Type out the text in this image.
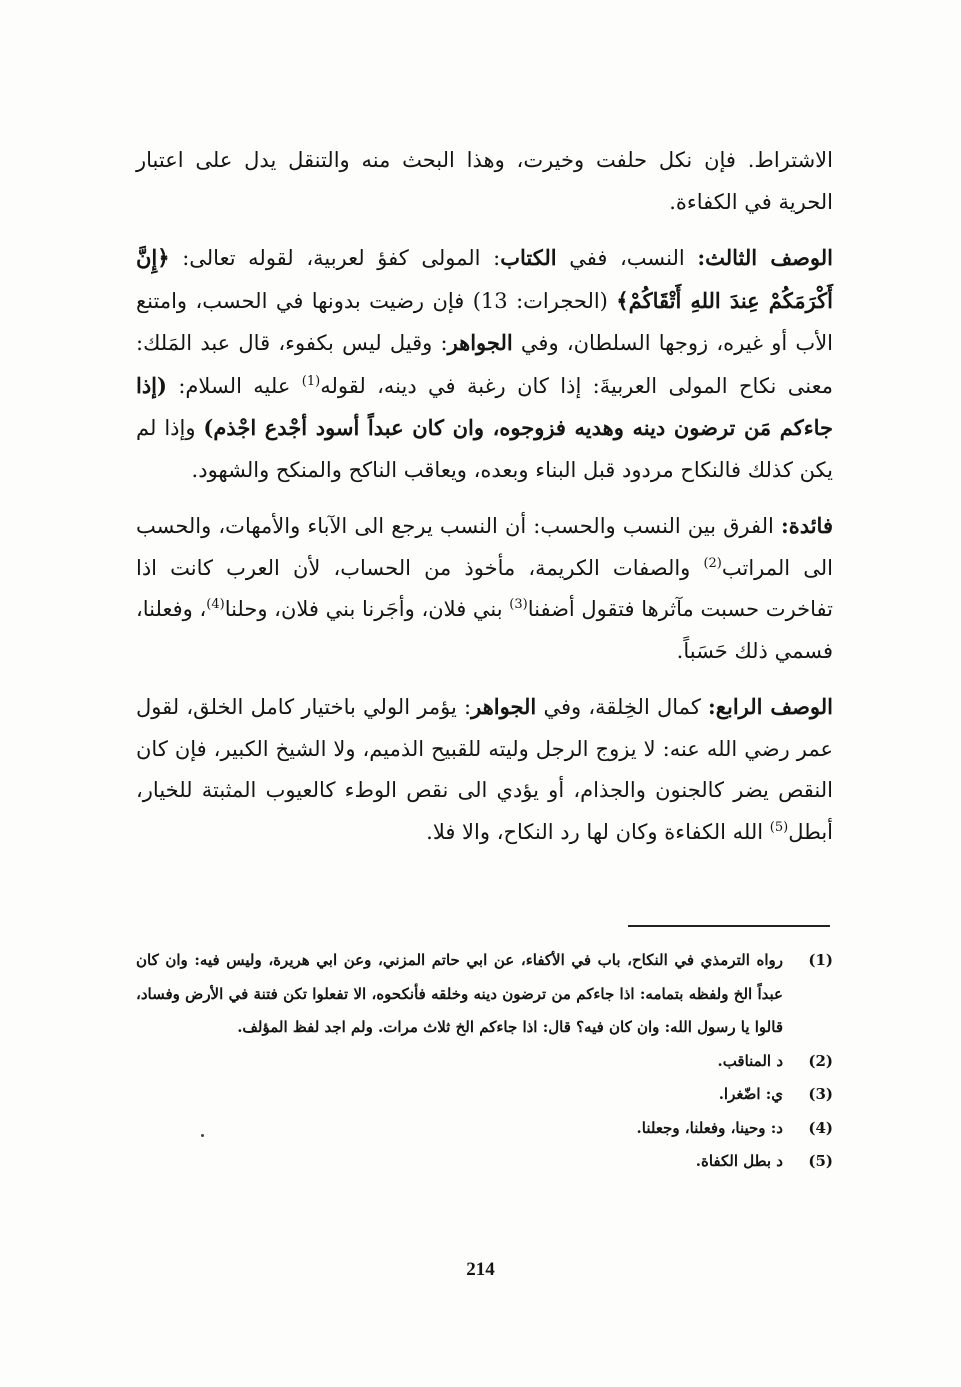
الاشتراط. فإن نكل حلفت وخيرت، وهذا البحث منه والتنقل يدل على اعتبار الحرية في الكفاءة.

الوصف الثالث: النسب، ففي الكتاب: المولى كفؤ لعربية، لقوله تعالى: ﴿إِنَّ أَكْرَمَكُمْ عِندَ اللهِ أَتْقَاكُمْ﴾ (الحجرات: 13) فإن رضيت بدونها في الحسب، وامتنع الأب أو غيره، زوجها السلطان، وفي الجواهر: وقيل ليس بكفوء، قال عبد المَلك: معنى نكاح المولى العربيةَ: إذا كان رغبة في دينه، لقوله$^{(1)}$ عليه السلام: (إذا جاءكم مَن ترضون دينه وهديه فزوجوه، وان كان عبداً أسود أجْدع اجْذم) وإذا لم يكن كذلك فالنكاح مردود قبل البناء وبعده، ويعاقب الناكح والمنكح والشهود.

فائدة: الفرق بين النسب والحسب: أن النسب يرجع الى الآباء والأمهات، والحسب الى المراتب$^{(2)}$ والصفات الكريمة، مأخوذ من الحساب، لأن العرب كانت اذا تفاخرت حسبت مآثرها فتقول أضفنا$^{(3)}$ بني فلان، وأجَرنا بني فلان، وحلنا$^{(4)}$، وفعلنا، فسمي ذلك حَسَباً.

الوصف الرابع: كمال الخِلقة، وفي الجواهر: يؤمر الولي باختيار كامل الخلق، لقول عمر رضي الله عنه: لا يزوج الرجل وليته للقبيح الذميم، ولا الشيخ الكبير، فإن كان النقص يضر كالجنون والجذام، أو يؤدي الى نقص الوطء كالعيوب المثبتة للخيار، أبطل$^{(5)}$ الله الكفاءة وكان لها رد النكاح، والا فلا.

(1)
رواه الترمذي في النكاح، باب في الأكفاء، عن ابي حاتم المزني، وعن ابي هريرة، وليس فيه: وان كان عبداً الخ ولفظه بتمامه: اذا جاءكم من ترضون دينه وخلقه فأنكحوه، الا تفعلوا تكن فتنة في الأرض وفساد، قالوا يا رسول الله: وان كان فيه؟ قال: اذا جاءكم الخ ثلاث مرات. ولم اجد لفظ المؤلف.
(2)
د المناقب.
(3)
ي: اضّغرا.
(4)
د: وحينا، وفعلنا، وجعلنا.
(5)
د بطل الكفاة.
214
